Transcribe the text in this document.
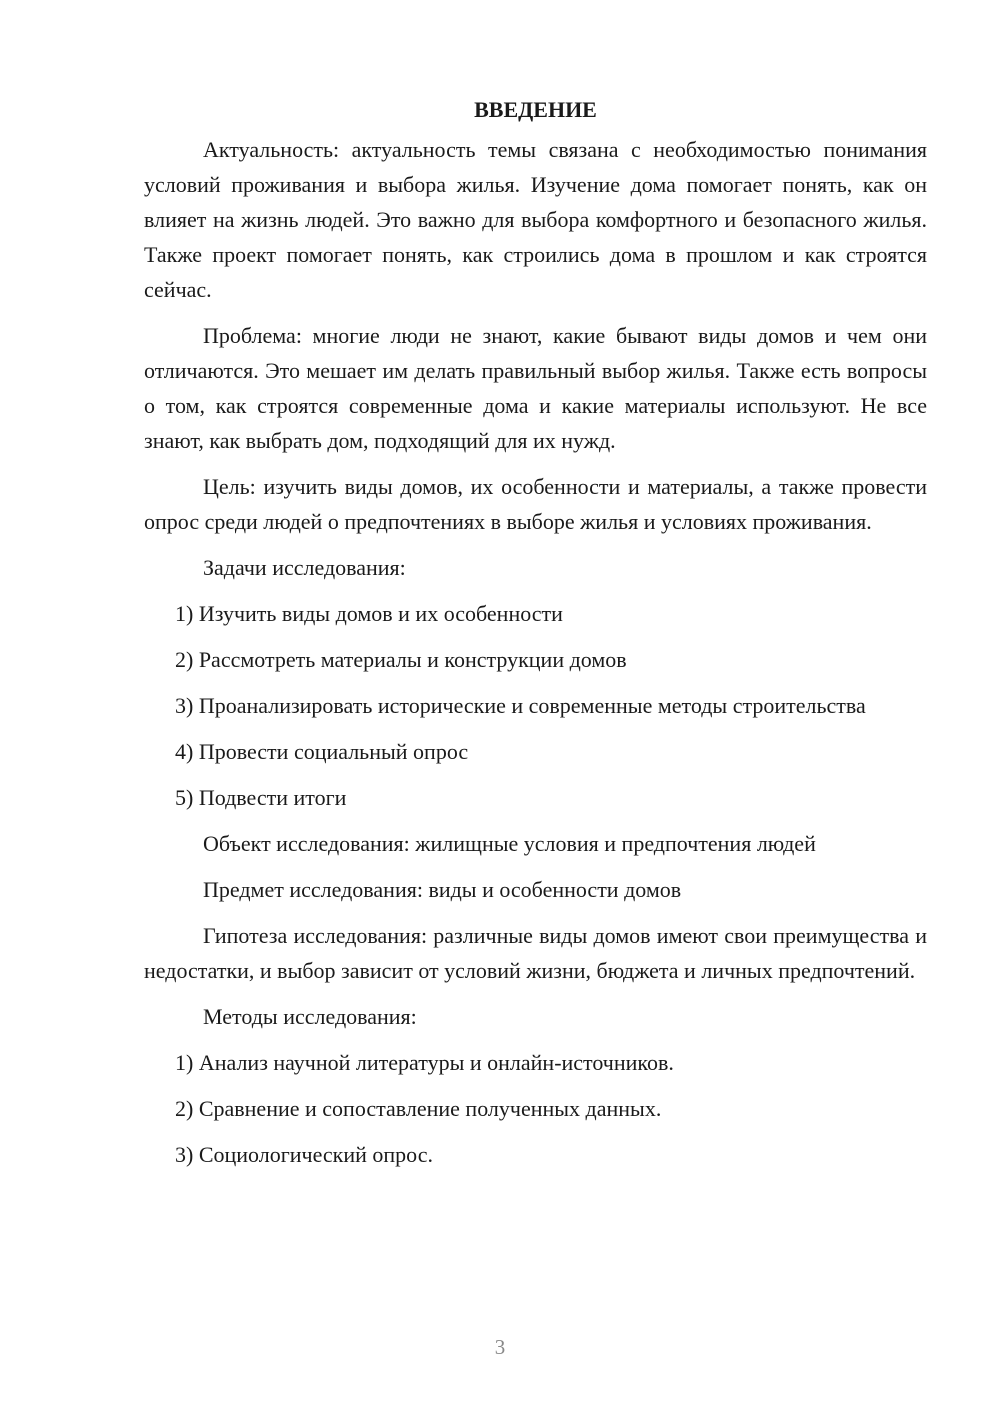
ВВЕДЕНИЕ

Актуальность: актуальность темы связана с необходимостью понимания условий проживания и выбора жилья. Изучение дома помогает понять, как он влияет на жизнь людей. Это важно для выбора комфортного и безопасного жилья. Также проект помогает понять, как строились дома в прошлом и как строятся сейчас.

Проблема: многие люди не знают, какие бывают виды домов и чем они отличаются. Это мешает им делать правильный выбор жилья. Также есть вопросы о том, как строятся современные дома и какие материалы используют. Не все знают, как выбрать дом, подходящий для их нужд.

Цель: изучить виды домов, их особенности и материалы, а также провести опрос среди людей о предпочтениях в выборе жилья и условиях проживания.

Задачи исследования:

1) Изучить виды домов и их особенности

2) Рассмотреть материалы и конструкции домов

3) Проанализировать исторические и современные методы строительства

4) Провести социальный опрос

5) Подвести итоги

Объект исследования: жилищные условия и предпочтения людей

Предмет исследования: виды и особенности домов

Гипотеза исследования: различные виды домов имеют свои преимущества и недостатки, и выбор зависит от условий жизни, бюджета и личных предпочтений.

Методы исследования:

1) Анализ научной литературы и онлайн-источников.

2) Сравнение и сопоставление полученных данных.

3) Социологический опрос.

3
